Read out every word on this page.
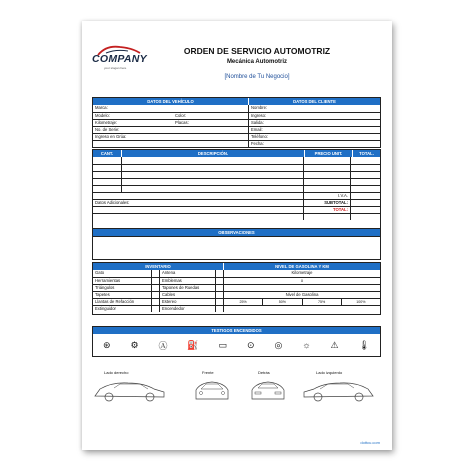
COMPANY
your slogan here
ORDEN DE SERVICIO AUTOMOTRIZ
Mecánica Automotriz
[Nombre de Tu Negocio]
DATOS DEL VEHÍCULO	DATOS DEL CLIENTE
Marca:	Nombre:
Modelo:	Color:	Ingreso:
Kilometraje:	Placas:	Salida:
No. de Serie:	Email:
Ingreso en Grúa:	Teléfono:
Fecha:
CANT.	DESCRIPCIÓN.	PRECIO UNIT.	TOTAL.
I.V.A.
Datos Adicionales:	SUBTOTAL:
TOTAL:
OBSERVACIONES
INVENTARIO	NIVEL DE GASOLINA Y KM
Gato	Antena	Kilometraje
Herramientas	Emblemas	x
Triángulos	Tapones de Ruedas
Tapetes	Cables	Nivel de Gasolina
Llantas de Refacción	Estereo	25%	50%	75%	100%
Extinguidor	Encendedor
TESTIGOS ENCENDIDOS
⊛ ⚙ Ⓐ ⛽ ▭ ⊙ ◎ ☼ ⚠ 🌡
Lado derecho	Frente	Detrás	Lado izquierdo
dottcu.com
